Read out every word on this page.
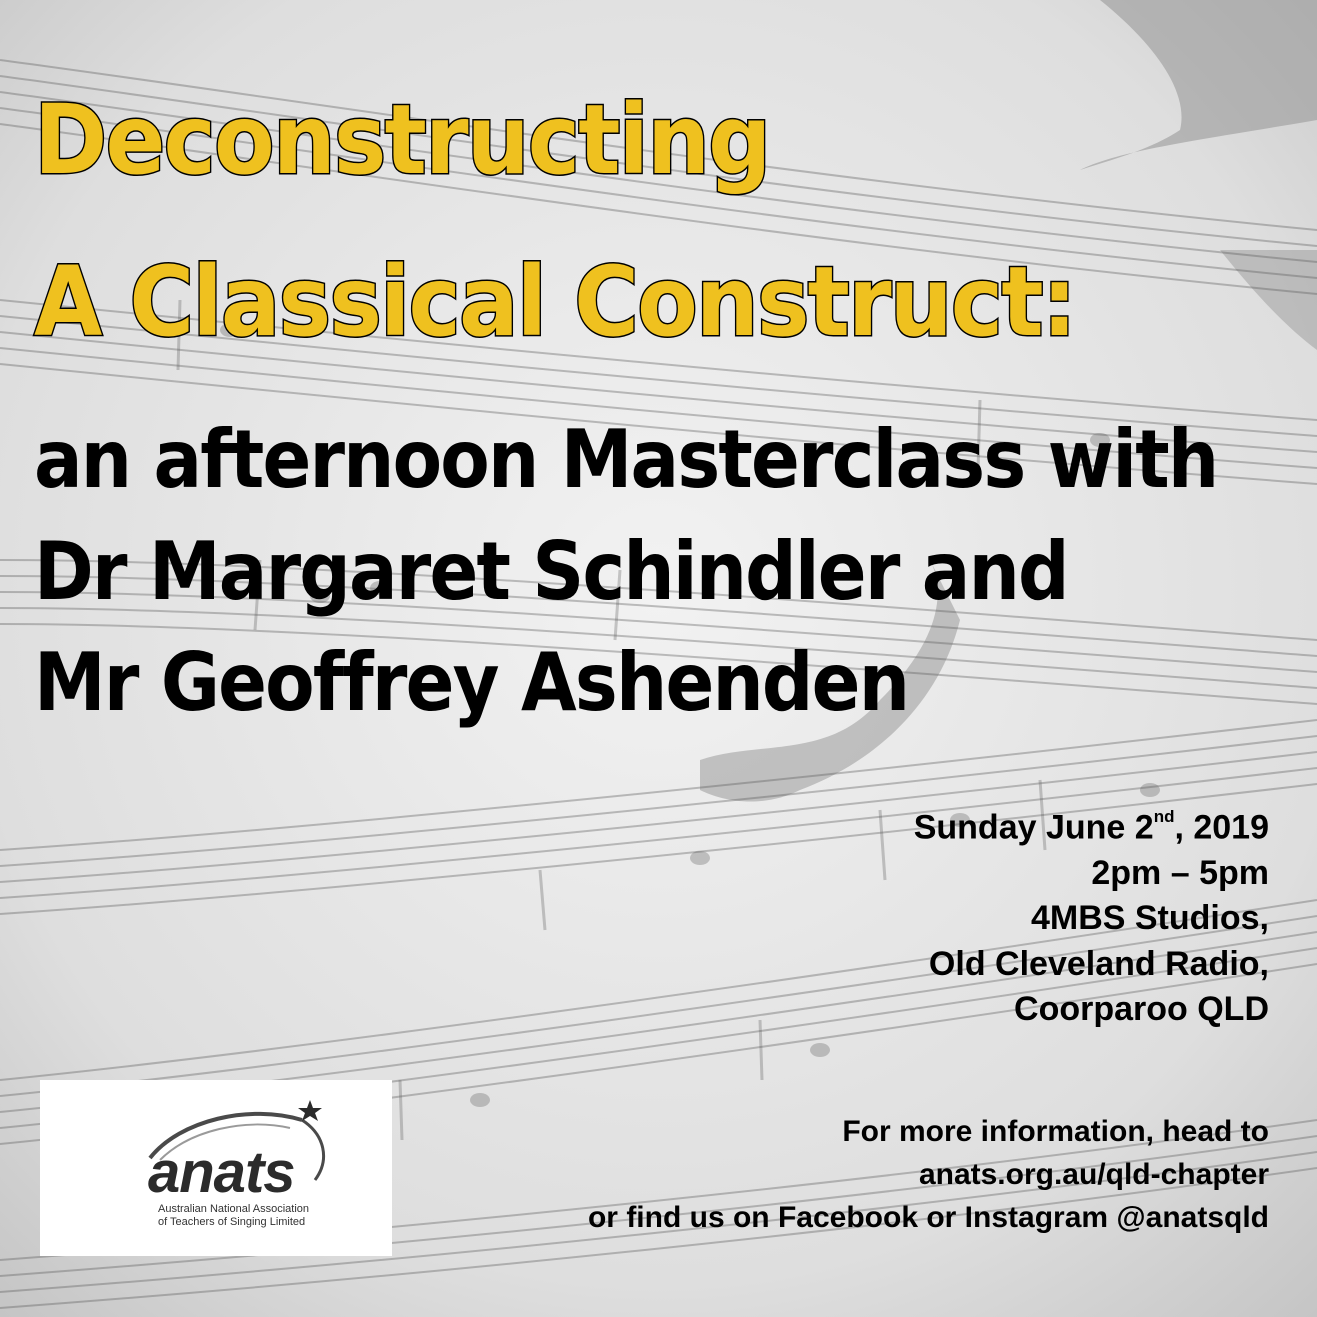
Deconstructing
A Classical Construct:
an afternoon Masterclass with
Dr Margaret Schindler and
Mr Geoffrey Ashenden
Sunday June 2nd, 2019
2pm – 5pm
4MBS Studios,
Old Cleveland Radio,
Coorparoo QLD
For more information, head to
anats.org.au/qld-chapter
or find us on Facebook or Instagram @anatsqld
anats
Australian National Association
of Teachers of Singing Limited
